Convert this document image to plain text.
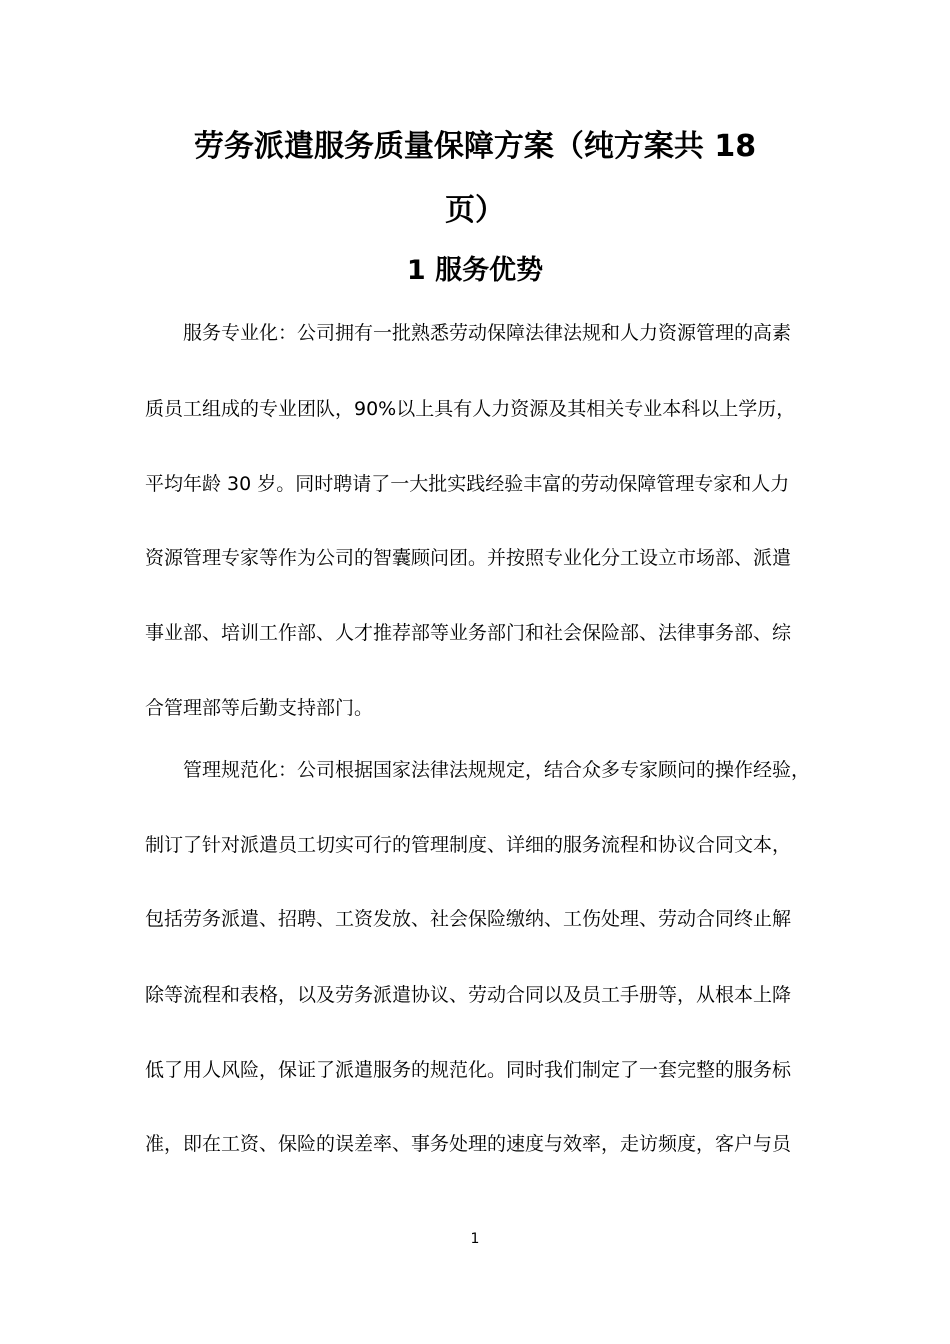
劳务派遣服务质量保障方案（纯方案共 18
页）
1 服务优势
服务专业化：公司拥有一批熟悉劳动保障法律法规和人力资源管理的高素
质员工组成的专业团队，90%以上具有人力资源及其相关专业本科以上学历，
平均年龄 30 岁。同时聘请了一大批实践经验丰富的劳动保障管理专家和人力
资源管理专家等作为公司的智囊顾问团。并按照专业化分工设立市场部、派遣
事业部、培训工作部、人才推荐部等业务部门和社会保险部、法律事务部、综
合管理部等后勤支持部门。
管理规范化：公司根据国家法律法规规定，结合众多专家顾问的操作经验，
制订了针对派遣员工切实可行的管理制度、详细的服务流程和协议合同文本，
包括劳务派遣、招聘、工资发放、社会保险缴纳、工伤处理、劳动合同终止解
除等流程和表格，以及劳务派遣协议、劳动合同以及员工手册等，从根本上降
低了用人风险，保证了派遣服务的规范化。同时我们制定了一套完整的服务标
准，即在工资、保险的误差率、事务处理的速度与效率，走访频度，客户与员
1
